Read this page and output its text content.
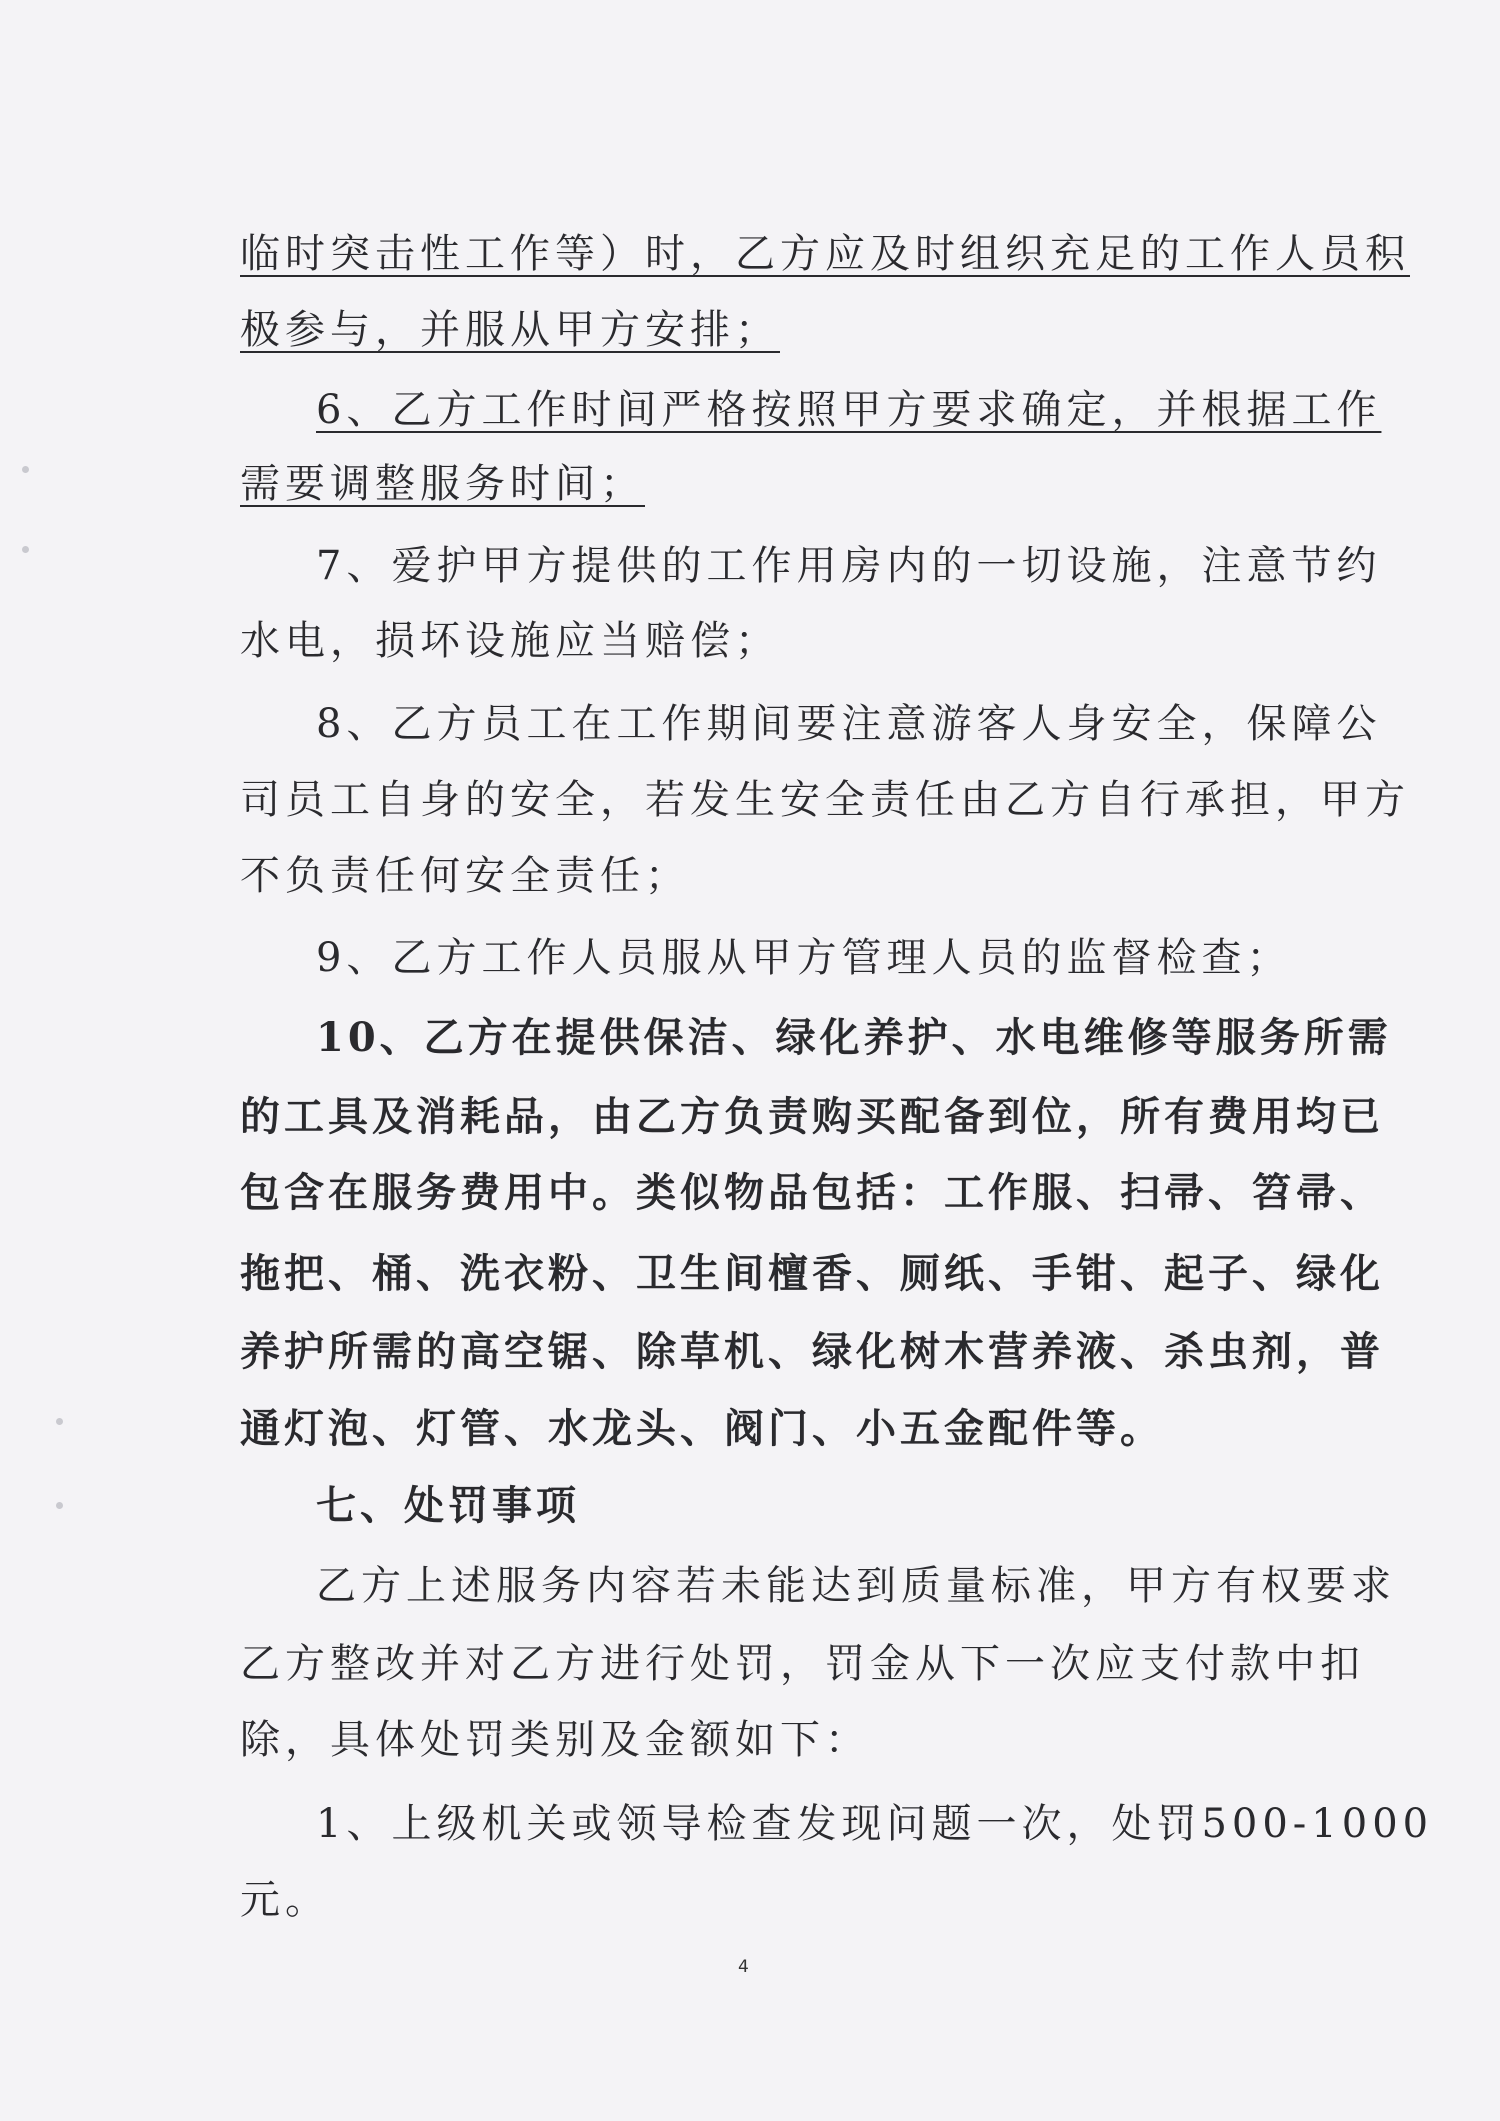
临时突击性工作等）时，乙方应及时组织充足的工作人员积
极参与，并服从甲方安排；
6、乙方工作时间严格按照甲方要求确定，并根据工作
需要调整服务时间；
7、爱护甲方提供的工作用房内的一切设施，注意节约
水电，损坏设施应当赔偿；
8、乙方员工在工作期间要注意游客人身安全，保障公
司员工自身的安全，若发生安全责任由乙方自行承担，甲方
不负责任何安全责任；
9、乙方工作人员服从甲方管理人员的监督检查；
10、乙方在提供保洁、绿化养护、水电维修等服务所需
的工具及消耗品，由乙方负责购买配备到位，所有费用均已
包含在服务费用中。类似物品包括：工作服、扫帚、笤帚、
拖把、桶、洗衣粉、卫生间檀香、厕纸、手钳、起子、绿化
养护所需的高空锯、除草机、绿化树木营养液、杀虫剂，普
通灯泡、灯管、水龙头、阀门、小五金配件等。
七、处罚事项
乙方上述服务内容若未能达到质量标准，甲方有权要求
乙方整改并对乙方进行处罚，罚金从下一次应支付款中扣
除，具体处罚类别及金额如下：
1、上级机关或领导检查发现问题一次，处罚500-1000
元。
4
